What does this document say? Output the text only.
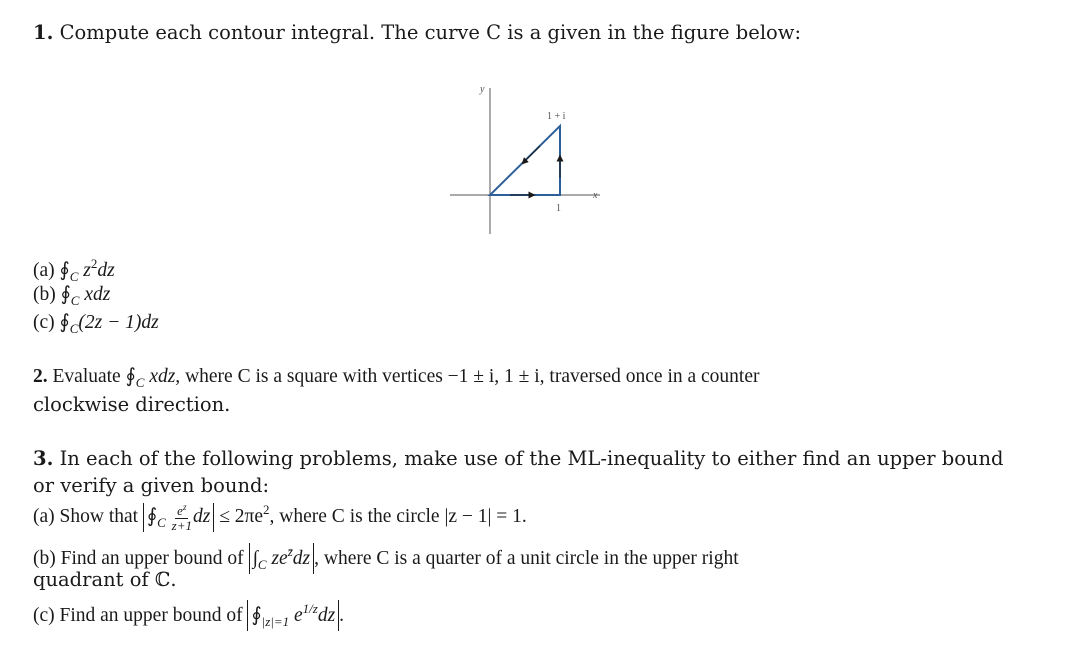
1. Compute each contour integral. The curve C is a given in the figure below:
y
x
1 + i
1
(a) $∮_C$ $z^2dz$
(b) $∮_C$ xdz
(c) $∮_C(2z - 1)dz$
2. Evaluate $∮_C$ xdz, where C is a square with vertices −1 ± i, 1 ± i, traversed once in a counter
clockwise direction.
3. In each of the following problems, make use of the ML-inequality to either find an upper bound
or verify a given bound:
(a) Show that $∮_C \frac{e^z}{z+1}$ dz ≤ $2\pi e^2$, where C is the circle |z − 1| = 1.
(b) Find an upper bound of $\int_C$ $ze^{z̄}dz$ , where C is a quarter of a unit circle in the upper right
quadrant of ℂ.
(c) Find an upper bound of $∮_{|z|=1}$ $e^{1/z}dz$ .
